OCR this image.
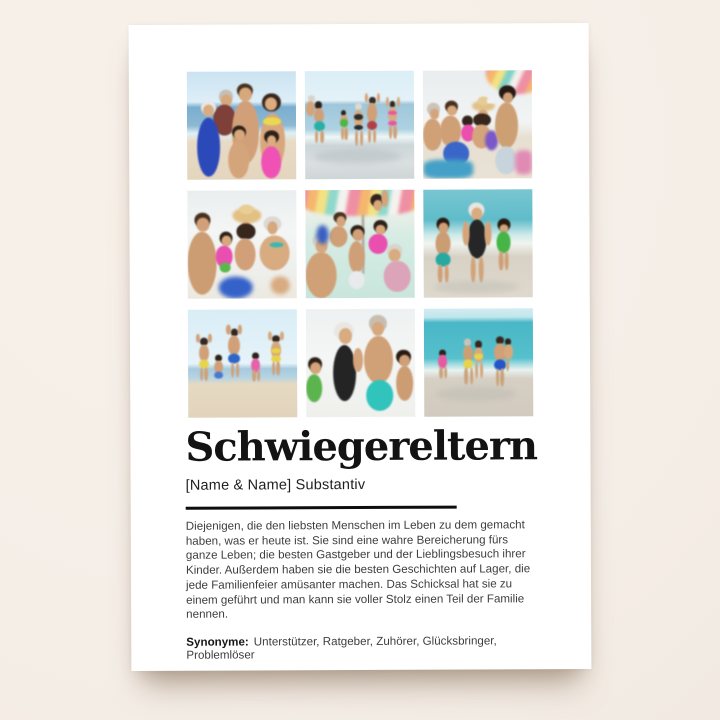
Schwiegereltern
[Name & Name] Substantiv

Diejenigen, die den liebsten Menschen im Leben zu dem gemacht haben, was er heute ist. Sie sind eine wahre Bereicherung fürs ganze Leben; die besten Gastgeber und der Lieblingsbesuch ihrer Kinder. Außerdem haben sie die besten Geschichten auf Lager, die jede Familienfeier amüsanter machen. Das Schicksal hat sie zu einem geführt und man kann sie voller Stolz einen Teil der Familie nennen.

Synonyme: Unterstützer, Ratgeber, Zuhörer, Glücksbringer, Problemlöser
